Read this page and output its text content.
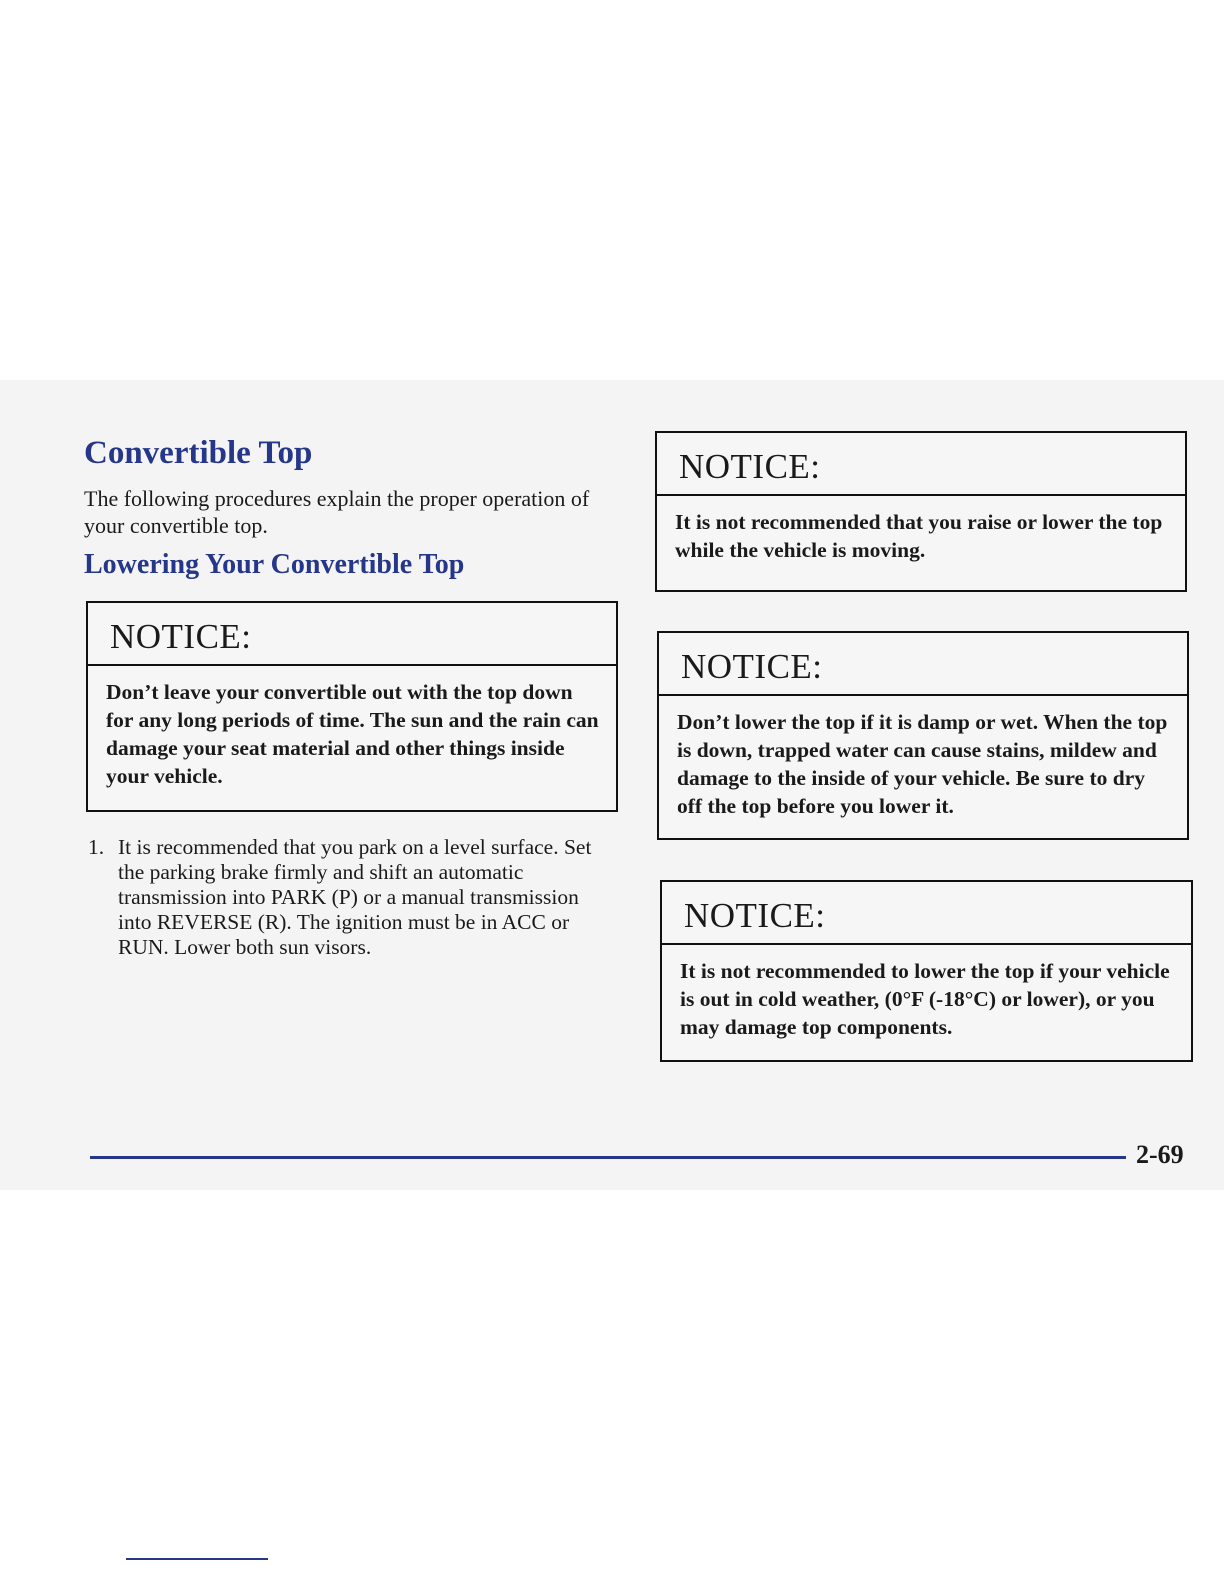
Convertible Top

The following procedures explain the proper operation of your convertible top.

Lowering Your Convertible Top
NOTICE:
Don’t leave your convertible out with the top down for any long periods of time. The sun and the rain can damage your seat material and other things inside your vehicle.
1. It is recommended that you park on a level surface. Set the parking brake firmly and shift an automatic transmission into PARK (P) or a manual transmission into REVERSE (R). The ignition must be in ACC or RUN. Lower both sun visors.
NOTICE:
It is not recommended that you raise or lower the top while the vehicle is moving.
NOTICE:
Don’t lower the top if it is damp or wet. When the top is down, trapped water can cause stains, mildew and damage to the inside of your vehicle. Be sure to dry off the top before you lower it.
NOTICE:
It is not recommended to lower the top if your vehicle is out in cold weather, (0°F (-18°C) or lower), or you may damage top components.
2-69
